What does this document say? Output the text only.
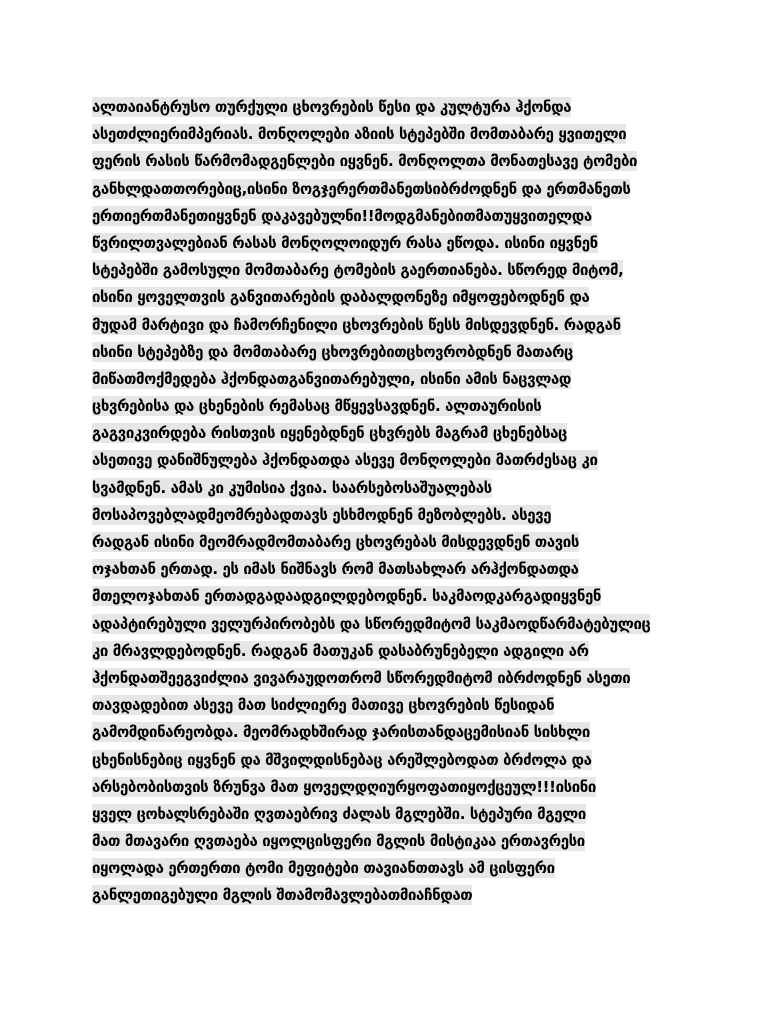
ალთაიანტრუსო თურქული ცხოვრების წესი და კულტურა ჰქონდა
ასეთძლიერიმპერიას. მონღოლები აზიის სტეპებში მომთაბარე ყვითელი
ფერის რასის წარმომადგენლები იყვნენ. მონღოლთა მონათესავე ტომები
განხლდათთორებიც,ისინი ზოგჯერერთმანეთსიბრძოდნენ და ერთმანეთს
ერთიერთმანეთიყვნენ დაკავებულნი!!მოდგმანებითმათუყვითელდა
წვრილთვალებიან რასას მონღოლოიდურ რასა ეწოდა. ისინი იყვნენ
სტეპებში გამოსული მომთაბარე ტომების გაერთიანება. სწორედ მიტომ,
ისინი ყოველთვის განვითარების დაბალდონეზე იმყოფებოდნენ და
მუდამ მარტივი და ჩამორჩენილი ცხოვრების წესს მისდევდნენ. რადგან
ისინი სტეპებზე და მომთაბარე ცხოვრებითცხოვრობდნენ მათარც
მიწათმოქმედება ჰქონდათგანვითარებული, ისინი ამის ნაცვლად
ცხვრებისა და ცხენების რემასაც მწყევსავდნენ. ალთაურისის
გაგვიკვირდება რისთვის იყენებდნენ ცხვრებს მაგრამ ცხენებსაც
ასეთივე დანიშნულება ჰქონდათდა ასევე მონღოლები მათრძესაც კი
სვამდნენ. ამას კი კუმისია ქვია. საარსებოსაშუალებას
მოსაპოვებლადმეომრებადთავს ესხმოდნენ მეზობლებს. ასევე
რადგან ისინი მეომრადმომთაბარე ცხოვრებას მისდევდნენ თავის
ოჯახთან ერთად. ეს იმას ნიშნავს რომ მათსახლარ არჰქონდათდა
მთელოჯახთან ერთადგადაადგილდებოდნენ. საკმაოდკარგადიყვნენ
ადაპტირებული ველურპირობებს და სწორედმიტომ საკმაოდწარმატებულიც
კი მრავლდებოდნენ. რადგან მათუკან დასაბრუნებელი ადგილი არ
ჰქონდათშეეგვიძლია ვივარაუდოთრომ სწორედმიტომ იბრძოდნენ ასეთი
თავდადებით ასევე მათ სიძლიერე მათივე ცხოვრების წესიდან
გამომდინარეობდა. მეომრადხშირად ჯარისთანდაცემისიან სისხლი
ცხენისნებიც იყვნენ და მშვილდისნებაც არეშლებოდათ ბრძოლა და
არსებობისთვის ზრუნვა მათ ყოველდღიურყოფათიყოქცეულ!!!ისინი
ყველ ცოხალსრებაში ღვთაებრივ ძალას მგლებში. სტეპური მგელი
მათ მთავარი ღვთაება იყოლცისფერი მგლის მისტიკაა ერთავრესი
იყოლადა ერთერთი ტომი მეფიტები თავიანთთავს ამ ცისფერი
განლეთიგებული მგლის შთამომავლებათმიაჩნდათ
